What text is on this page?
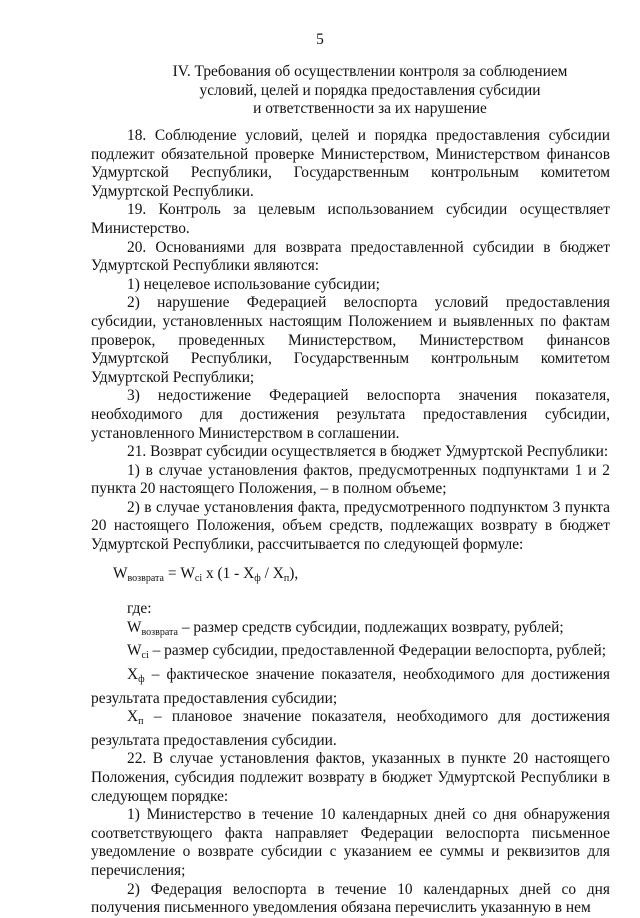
5
IV. Требования об осуществлении контроля за соблюдением
условий, целей и порядка предоставления субсидии
и ответственности за их нарушение

18. Соблюдение условий, целей и порядка предоставления субсидии подлежит обязательной проверке Министерством, Министерством финансов Удмуртской Республики, Государственным контрольным комитетом Удмуртской Республики.

19. Контроль за целевым использованием субсидии осуществляет Министерство.

20. Основаниями для возврата предоставленной субсидии в бюджет Удмуртской Республики являются:

1) нецелевое использование субсидии;

2) нарушение Федерацией велоспорта условий предоставления субсидии, установленных настоящим Положением и выявленных по фактам проверок, проведенных Министерством, Министерством финансов Удмуртской Республики, Государственным контрольным комитетом Удмуртской Республики;

3) недостижение Федерацией велоспорта значения показателя, необходимого для достижения результата предоставления субсидии, установленного Министерством в соглашении.

21. Возврат субсидии осуществляется в бюджет Удмуртской Республики:

1) в случае установления фактов, предусмотренных подпунктами 1 и 2 пункта 20 настоящего Положения, – в полном объеме;

2) в случае установления факта, предусмотренного подпунктом 3 пункта 20 настоящего Положения, объем средств, подлежащих возврату в бюджет Удмуртской Республики, рассчитывается по следующей формуле:

$W_{возврата} = W_{ci}$ x $(1 - X_ф / X_п)$,

где:

$W_{возврата}$ – размер средств субсидии, подлежащих возврату, рублей;

$W_{ci}$ – размер субсидии, предоставленной Федерации велоспорта, рублей;

$X_ф$ – фактическое значение показателя, необходимого для достижения результата предоставления субсидии;

$X_п$ – плановое значение показателя, необходимого для достижения результата предоставления субсидии.

22. В случае установления фактов, указанных в пункте 20 настоящего Положения, субсидия подлежит возврату в бюджет Удмуртской Республики в следующем порядке:

1) Министерство в течение 10 календарных дней со дня обнаружения соответствующего факта направляет Федерации велоспорта письменное уведомление о возврате субсидии с указанием ее суммы и реквизитов для перечисления;

2) Федерация велоспорта в течение 10 календарных дней со дня получения письменного уведомления обязана перечислить указанную в нем
